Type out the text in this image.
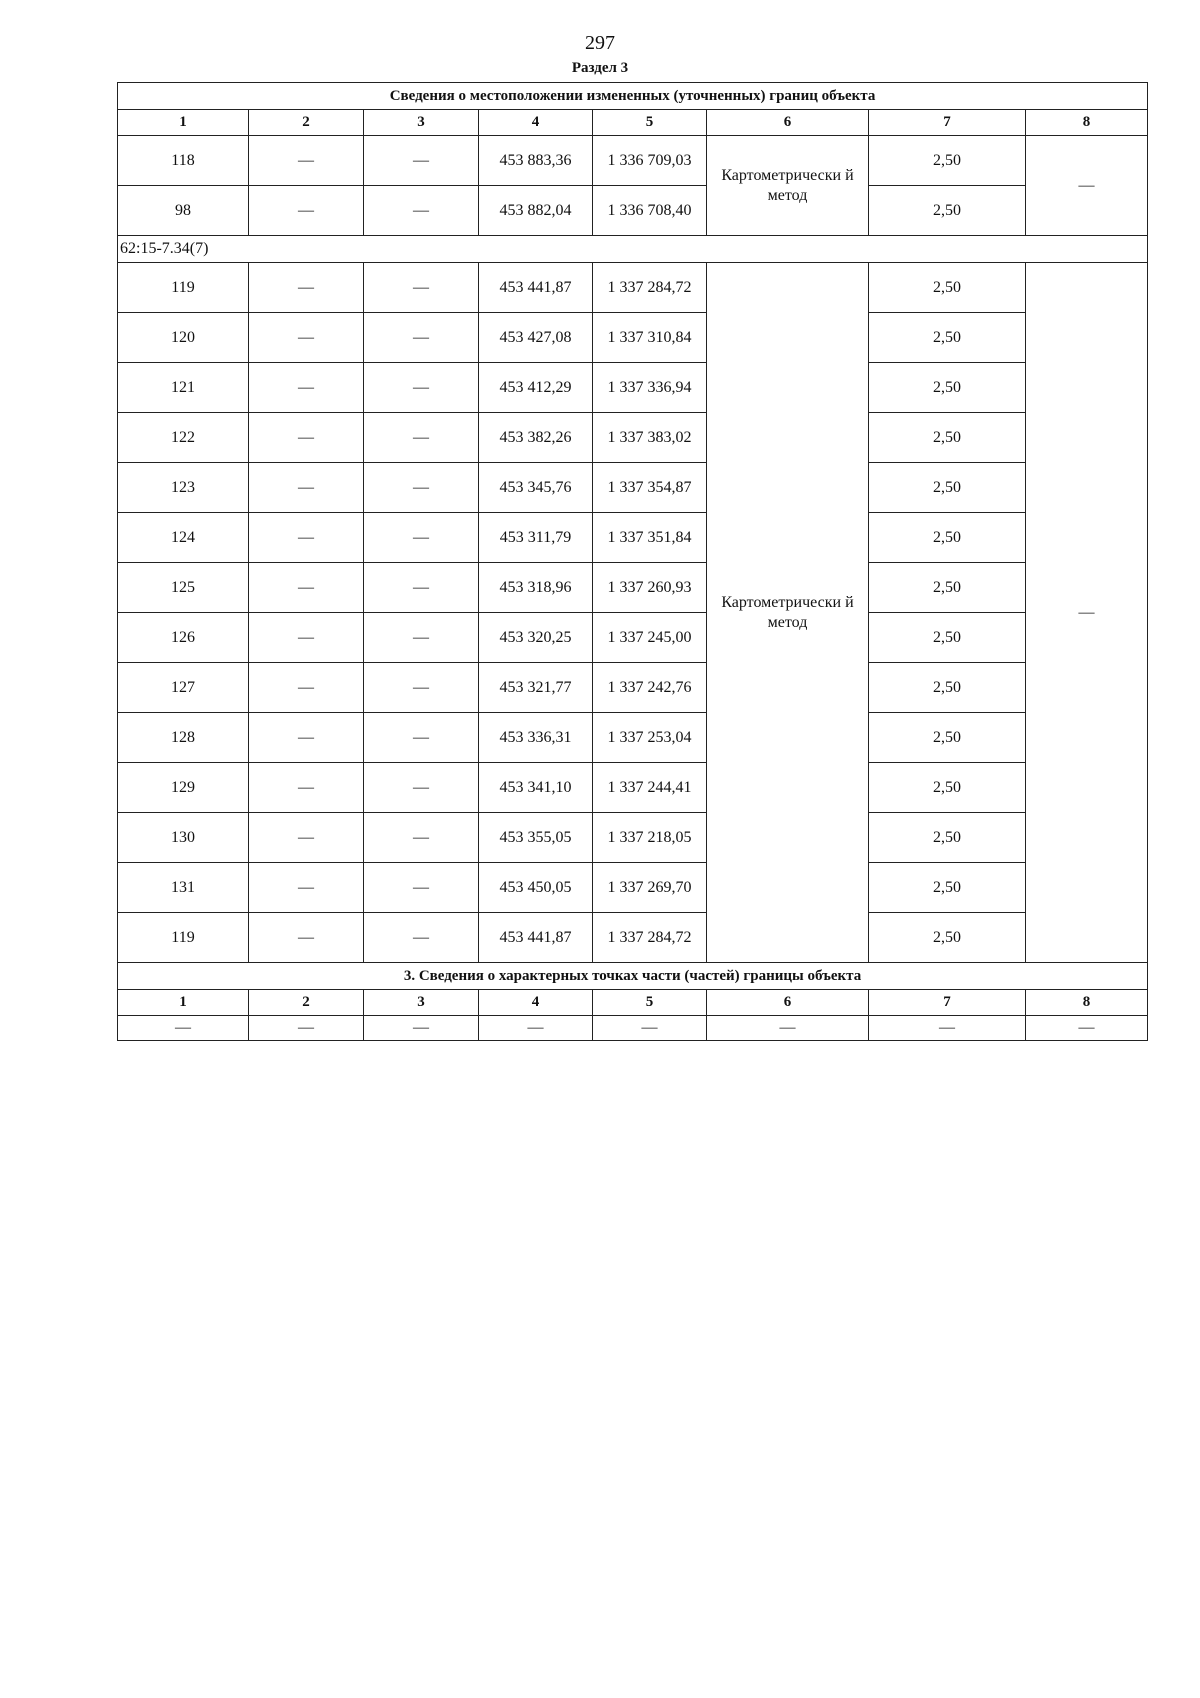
297
Раздел 3
Сведения о местоположении измененных (уточненных) границ объекта							
1	2	3	4	5	6	7	8
118	—	—	453 883,36	1 336 709,03	Картометрически й метод	2,50	—
98	—	—	453 882,04	1 336 708,40		2,50	
62:15-7.34(7)							
119	—	—	453 441,87	1 337 284,72	Картометрически й метод	2,50	—
120	—	—	453 427,08	1 337 310,84		2,50	
121	—	—	453 412,29	1 337 336,94		2,50	
122	—	—	453 382,26	1 337 383,02		2,50	
123	—	—	453 345,76	1 337 354,87		2,50	
124	—	—	453 311,79	1 337 351,84		2,50	
125	—	—	453 318,96	1 337 260,93		2,50	
126	—	—	453 320,25	1 337 245,00		2,50	
127	—	—	453 321,77	1 337 242,76		2,50	
128	—	—	453 336,31	1 337 253,04		2,50	
129	—	—	453 341,10	1 337 244,41		2,50	
130	—	—	453 355,05	1 337 218,05		2,50	
131	—	—	453 450,05	1 337 269,70		2,50	
119	—	—	453 441,87	1 337 284,72		2,50	
3. Сведения о характерных точках части (частей) границы объекта							
1	2	3	4	5	6	7	8
—	—	—	—	—	—	—	—
